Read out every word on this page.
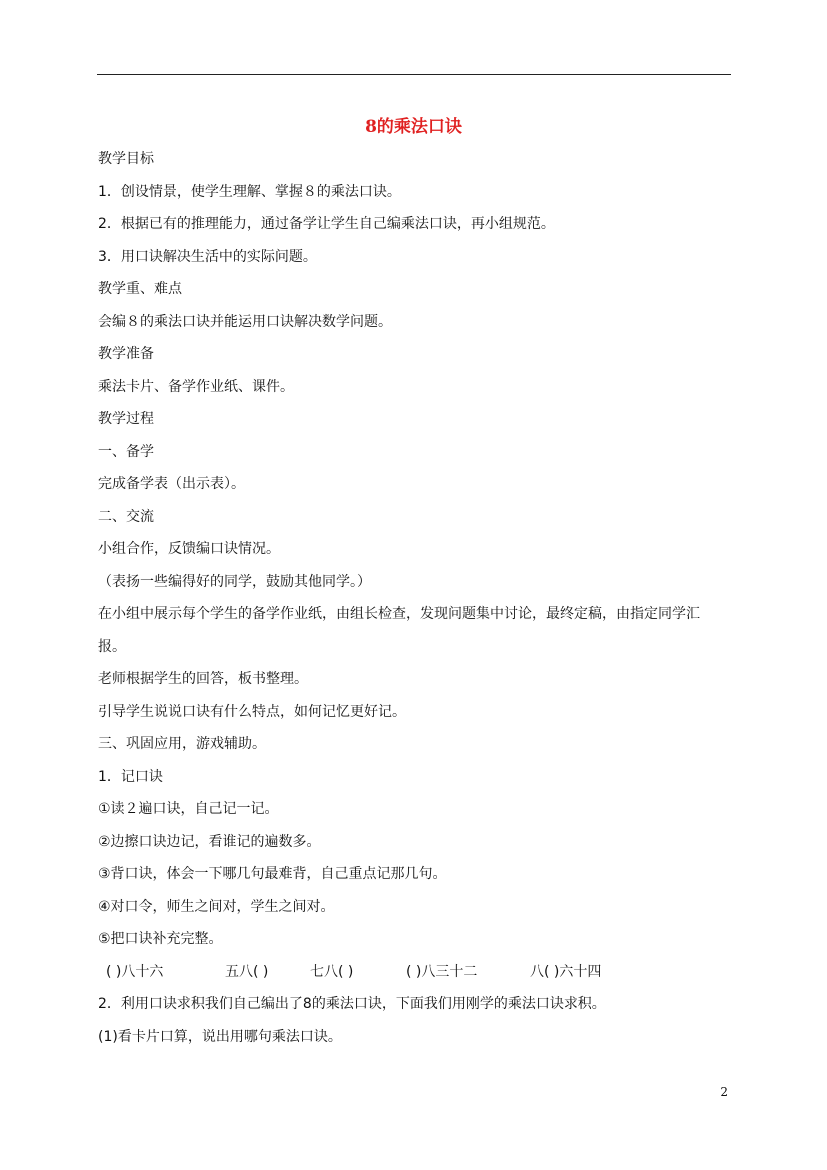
8的乘法口诀
教学目标
1．创设情景，使学生理解、掌握８的乘法口诀。
2．根据已有的推理能力，通过备学让学生自己编乘法口诀，再小组规范。
3．用口诀解决生活中的实际问题。
教学重、难点
会编８的乘法口诀并能运用口诀解决数学问题。
教学准备
乘法卡片、备学作业纸、课件。
教学过程
一、备学
完成备学表（出示表）。
二、交流
小组合作，反馈编口诀情况。
（表扬一些编得好的同学，鼓励其他同学。）
在小组中展示每个学生的备学作业纸，由组长检查，发现问题集中讨论，最终定稿，由指定同学汇
报。
老师根据学生的回答，板书整理。
引导学生说说口诀有什么特点，如何记忆更好记。
三、巩固应用，游戏辅助。
1．记口诀
①读２遍口诀，自己记一记。
②边擦口诀边记，看谁记的遍数多。
③背口诀，体会一下哪几句最难背，自己重点记那几句。
④对口令，师生之间对，学生之间对。
⑤把口诀补充完整。
( )八十六	五八( )	七八( )	( )八三十二	八( )六十四
2．利用口诀求积我们自己编出了8的乘法口诀，下面我们用刚学的乘法口诀求积。
(1)看卡片口算，说出用哪句乘法口诀。
2
